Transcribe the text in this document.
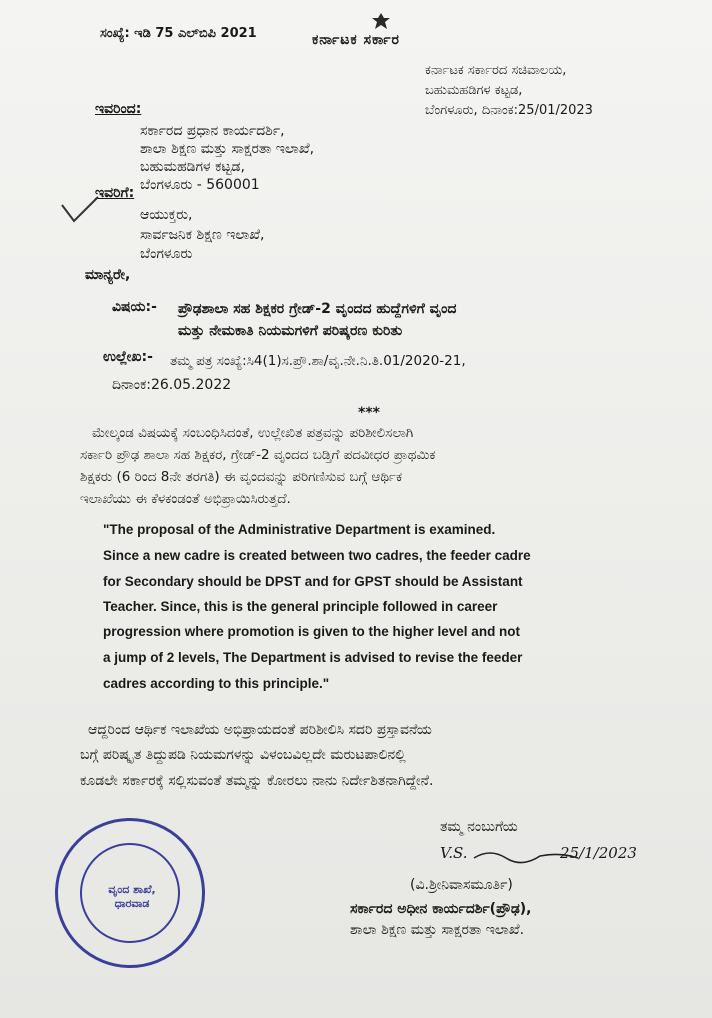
ಸಂಖ್ಯೆ: ಇಡಿ 75 ಎಲ್‌ಬಿಪಿ 2021	ಕರ್ನಾಟಕ ಸರ್ಕಾರ
ಕರ್ನಾಟಕ ಸರ್ಕಾರದ ಸಚಿವಾಲಯ,
ಬಹುಮಹಡಿಗಳ ಕಟ್ಟಡ,
ಬೆಂಗಳೂರು, ದಿನಾಂಕ:25/01/2023
ಇವರಿಂದ:
ಸರ್ಕಾರದ ಪ್ರಧಾನ ಕಾರ್ಯದರ್ಶಿ,
ಶಾಲಾ ಶಿಕ್ಷಣ ಮತ್ತು ಸಾಕ್ಷರತಾ ಇಲಾಖೆ,
ಬಹುಮಹಡಿಗಳ ಕಟ್ಟಡ,
ಬೆಂಗಳೂರು - 560001
ಇವರಿಗೆ:
ಆಯುಕ್ತರು,
ಸಾರ್ವಜನಿಕ ಶಿಕ್ಷಣ ಇಲಾಖೆ,
ಬೆಂಗಳೂರು
ಮಾನ್ಯರೇ,
ವಿಷಯ:- ಪ್ರೌಢಶಾಲಾ ಸಹ ಶಿಕ್ಷಕರ ಗ್ರೇಡ್-2 ವೃಂದದ ಹುದ್ದೆಗಳಿಗೆ ವೃಂದ
ಮತ್ತು ನೇಮಕಾತಿ ನಿಯಮಗಳಿಗೆ ಪರಿಷ್ಕರಣ ಕುರಿತು
ಉಲ್ಲೇಖ:- ತಮ್ಮ ಪತ್ರ ಸಂಖ್ಯೆ:ಸಿ4(1)ಸ.ಪ್ರೌ.ಶಾ/ವೃ.ನೇ.ನಿ.ತಿ.01/2020-21,
ದಿನಾಂಕ:26.05.2022
***
ಮೇಲ್ಕಂಡ ವಿಷಯಕ್ಕೆ ಸಂಬಂಧಿಸಿದಂತೆ, ಉಲ್ಲೇಖಿತ ಪತ್ರವನ್ನು ಪರಿಶೀಲಿಸಲಾಗಿ
ಸರ್ಕಾರಿ ಪ್ರೌಢ ಶಾಲಾ ಸಹ ಶಿಕ್ಷಕರ, ಗ್ರೇಡ್-2 ವೃಂದದ ಬಡ್ತಿಗೆ ಪದವೀಧರ ಪ್ರಾಥಮಿಕ
ಶಿಕ್ಷಕರು (6 ರಿಂದ 8ನೇ ತರಗತಿ) ಈ ವೃಂದವನ್ನು ಪರಿಗಣಿಸುವ ಬಗ್ಗೆ ಆರ್ಥಿಕ
ಇಲಾಖೆಯು ಈ ಕೆಳಕಂಡಂತೆ ಅಭಿಪ್ರಾಯಿಸಿರುತ್ತದೆ.
"The proposal of the Administrative Department is examined.
Since a new cadre is created between two cadres, the feeder cadre
for Secondary should be DPST and for GPST should be Assistant
Teacher. Since, this is the general principle followed in career
progression where promotion is given to the higher level and not
a jump of 2 levels, The Department is advised to revise the feeder
cadres according to this principle."
ಆದ್ದರಿಂದ ಆರ್ಥಿಕ ಇಲಾಖೆಯ ಅಭಿಪ್ರಾಯದಂತೆ ಪರಿಶೀಲಿಸಿ ಸದರಿ ಪ್ರಸ್ತಾವನೆಯ
ಬಗ್ಗೆ ಪರಿಷ್ಕೃತ ತಿದ್ದುಪಡಿ ನಿಯಮಗಳನ್ನು ವಿಳಂಬವಿಲ್ಲದೇ ಮರುಟಪಾಲಿನಲ್ಲಿ
ಕೂಡಲೇ ಸರ್ಕಾರಕ್ಕೆ ಸಲ್ಲಿಸುವಂತೆ ತಮ್ಮನ್ನು ಕೋರಲು ನಾನು ನಿರ್ದೇಶಿತನಾಗಿದ್ದೇನೆ.
ತಮ್ಮ ನಂಬುಗೆಯ
V.S.	25/1/2023
(ವಿ.ಶ್ರೀನಿವಾಸಮೂರ್ತಿ)
ಸರ್ಕಾರದ ಅಧೀನ ಕಾರ್ಯದರ್ಶಿ(ಪ್ರೌಢ),
ಶಾಲಾ ಶಿಕ್ಷಣ ಮತ್ತು ಸಾಕ್ಷರತಾ ಇಲಾಖೆ.
ವೃಂದ ಶಾಖೆ,
ಧಾರವಾಡ
